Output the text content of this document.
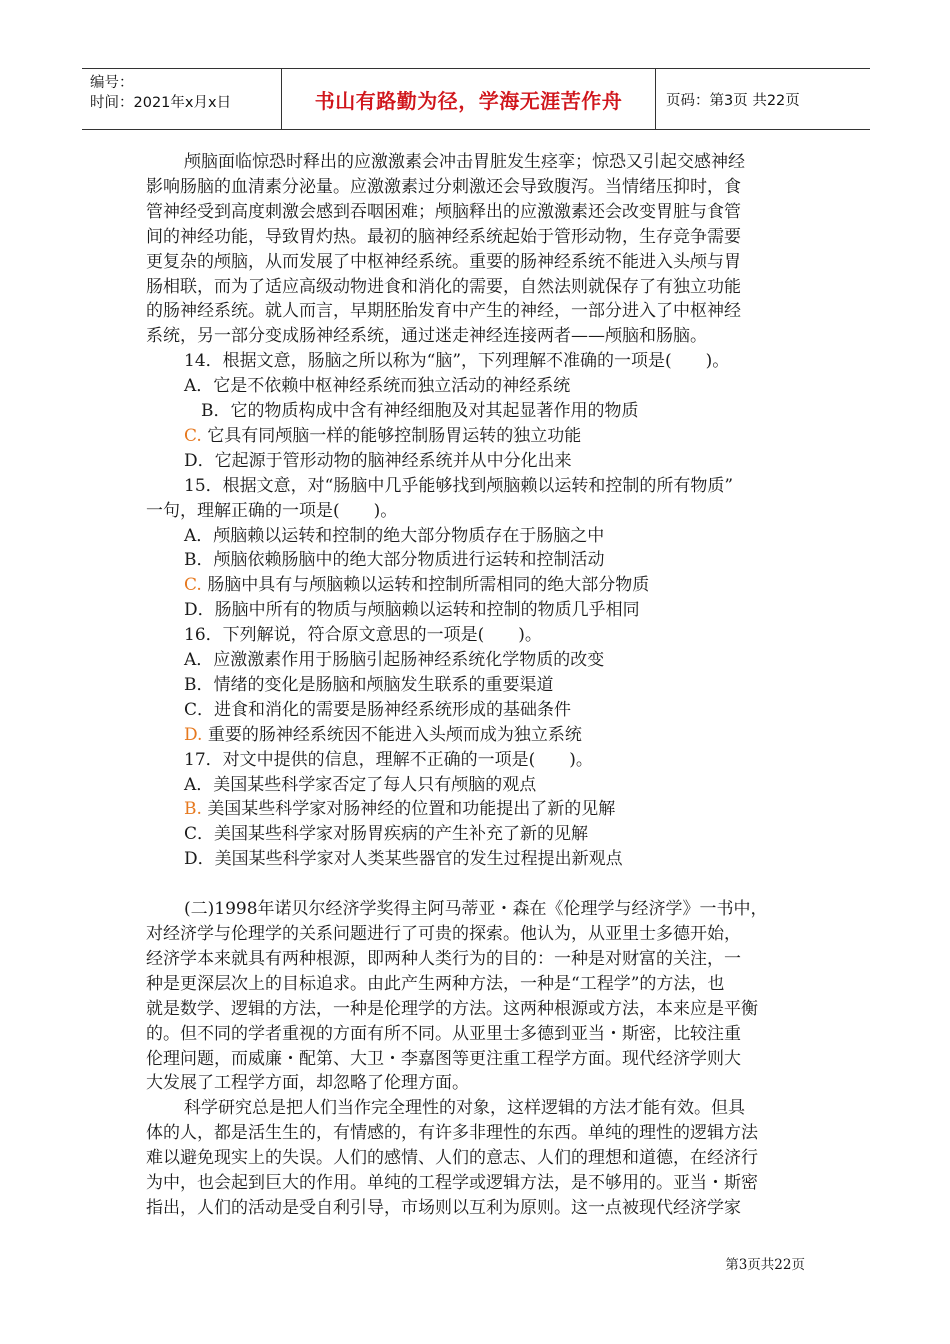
编号：
时间：2021年x月x日	书山有路勤为径，学海无涯苦作舟	页码：第3页 共22页
颅脑面临惊恐时释出的应激激素会冲击胃脏发生痉挛；惊恐又引起交感神经
影响肠脑的血清素分泌量。应激激素过分刺激还会导致腹泻。当情绪压抑时，食
管神经受到高度刺激会感到吞咽困难；颅脑释出的应激激素还会改变胃脏与食管
间的神经功能，导致胃灼热。最初的脑神经系统起始于管形动物，生存竞争需要
更复杂的颅脑，从而发展了中枢神经系统。重要的肠神经系统不能进入头颅与胃
肠相联，而为了适应高级动物进食和消化的需要，自然法则就保存了有独立功能
的肠神经系统。就人而言，早期胚胎发育中产生的神经，一部分进入了中枢神经
系统，另一部分变成肠神经系统，通过迷走神经连接两者——颅脑和肠脑。
14．根据文意，肠脑之所以称为“脑”，下列理解不准确的一项是(　　)。
A．它是不依赖中枢神经系统而独立活动的神经系统
B．它的物质构成中含有神经细胞及对其起显著作用的物质
C. 它具有同颅脑一样的能够控制肠胃运转的独立功能
D．它起源于管形动物的脑神经系统并从中分化出来
15．根据文意，对“肠脑中几乎能够找到颅脑赖以运转和控制的所有物质”
一句，理解正确的一项是(　　)。
A．颅脑赖以运转和控制的绝大部分物质存在于肠脑之中
B．颅脑依赖肠脑中的绝大部分物质进行运转和控制活动
C. 肠脑中具有与颅脑赖以运转和控制所需相同的绝大部分物质
D．肠脑中所有的物质与颅脑赖以运转和控制的物质几乎相同
16．下列解说，符合原文意思的一项是(　　)。
A．应激激素作用于肠脑引起肠神经系统化学物质的改变
B．情绪的变化是肠脑和颅脑发生联系的重要渠道
C．进食和消化的需要是肠神经系统形成的基础条件
D. 重要的肠神经系统因不能进入头颅而成为独立系统
17．对文中提供的信息，理解不正确的一项是(　　)。
A．美国某些科学家否定了每人只有颅脑的观点
B. 美国某些科学家对肠神经的位置和功能提出了新的见解
C．美国某些科学家对肠胃疾病的产生补充了新的见解
D．美国某些科学家对人类某些器官的发生过程提出新观点
(二)1998年诺贝尔经济学奖得主阿马蒂亚・森在《伦理学与经济学》一书中，
对经济学与伦理学的关系问题进行了可贵的探索。他认为，从亚里士多德开始，
经济学本来就具有两种根源，即两种人类行为的目的：一种是对财富的关注，一
种是更深层次上的目标追求。由此产生两种方法，一种是“工程学”的方法，也
就是数学、逻辑的方法，一种是伦理学的方法。这两种根源或方法，本来应是平衡
的。但不同的学者重视的方面有所不同。从亚里士多德到亚当・斯密，比较注重
伦理问题，而威廉・配第、大卫・李嘉图等更注重工程学方面。现代经济学则大
大发展了工程学方面，却忽略了伦理方面。
科学研究总是把人们当作完全理性的对象，这样逻辑的方法才能有效。但具
体的人，都是活生生的，有情感的，有许多非理性的东西。单纯的理性的逻辑方法
难以避免现实上的失误。人们的感情、人们的意志、人们的理想和道德，在经济行
为中，也会起到巨大的作用。单纯的工程学或逻辑方法，是不够用的。亚当・斯密
指出，人们的活动是受自利引导，市场则以互利为原则。这一点被现代经济学家
第3页共22页
